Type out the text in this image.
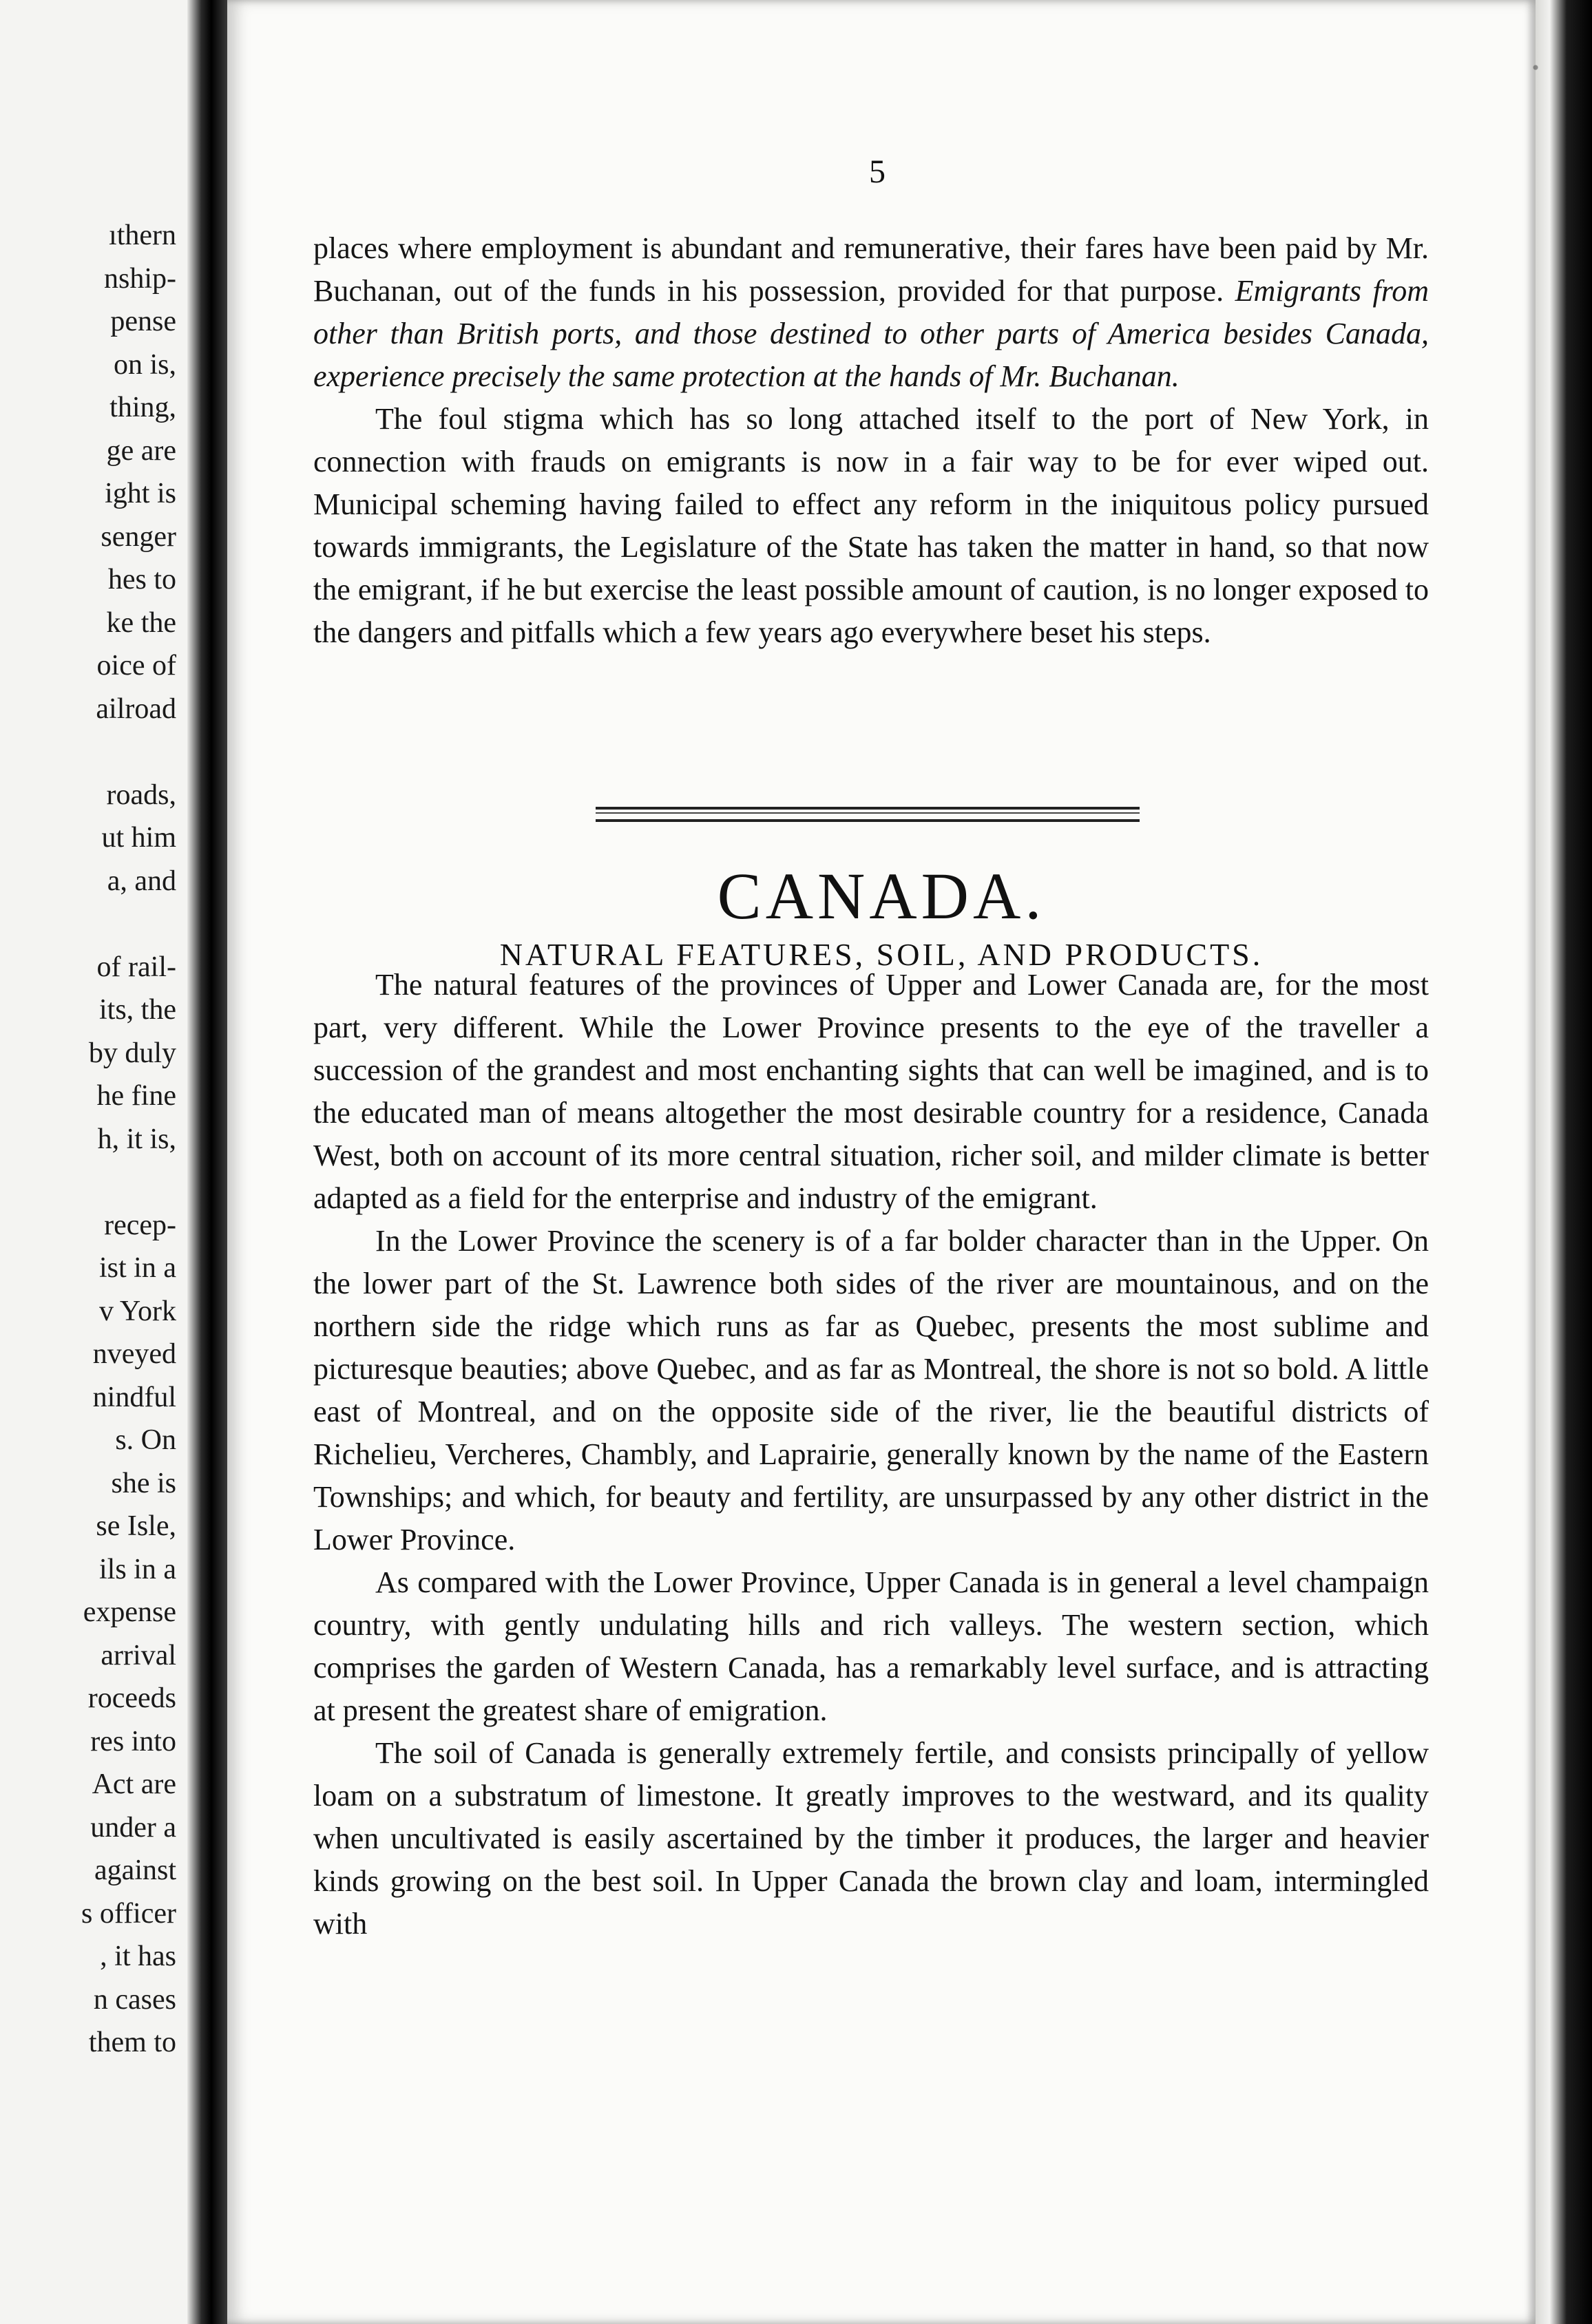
ıthern
nship-
pense
on is,
thing,
ge are
ight is
senger
hes to
ke the
oice of
ailroad
roads,
ut him
a, and
of rail-
its, the
by duly
he fine
h, it is,
recep-
ist in a
v York
nveyed
nindful
s. On
she is
se Isle,
ils in a
expense
arrival
roceeds
res into
Act are
under a
against
s officer
, it has
n cases
them to
5

places where employment is abundant and remunerative, their fares have been paid by Mr. Buchanan, out of the funds in his possession, provided for that purpose. Emigrants from other than British ports, and those destined to other parts of America besides Canada, experience precisely the same protection at the hands of Mr. Buchanan.

The foul stigma which has so long attached itself to the port of New York, in connection with frauds on emigrants is now in a fair way to be for ever wiped out. Municipal scheming having failed to effect any reform in the iniquitous policy pursued towards immigrants, the Legislature of the State has taken the matter in hand, so that now the emigrant, if he but exercise the least possible amount of caution, is no longer exposed to the dangers and pitfalls which a few years ago everywhere beset his steps.

CANADA.
NATURAL FEATURES, SOIL, AND PRODUCTS.

The natural features of the provinces of Upper and Lower Canada are, for the most part, very different. While the Lower Province presents to the eye of the traveller a succession of the grandest and most enchanting sights that can well be imagined, and is to the educated man of means altogether the most desirable country for a residence, Canada West, both on account of its more central situation, richer soil, and milder climate is better adapted as a field for the enterprise and industry of the emigrant.

In the Lower Province the scenery is of a far bolder character than in the Upper. On the lower part of the St. Lawrence both sides of the river are mountainous, and on the northern side the ridge which runs as far as Quebec, presents the most sublime and picturesque beauties; above Quebec, and as far as Montreal, the shore is not so bold. A little east of Montreal, and on the opposite side of the river, lie the beautiful districts of Richelieu, Vercheres, Chambly, and Laprairie, generally known by the name of the Eastern Townships; and which, for beauty and fertility, are unsurpassed by any other district in the Lower Province.

As compared with the Lower Province, Upper Canada is in general a level champaign country, with gently undulating hills and rich valleys. The western section, which comprises the garden of Western Canada, has a remarkably level surface, and is attracting at present the greatest share of emigration.

The soil of Canada is generally extremely fertile, and consists principally of yellow loam on a substratum of limestone. It greatly improves to the westward, and its quality when uncultivated is easily ascertained by the timber it produces, the larger and heavier kinds growing on the best soil. In Upper Canada the brown clay and loam, intermingled with
